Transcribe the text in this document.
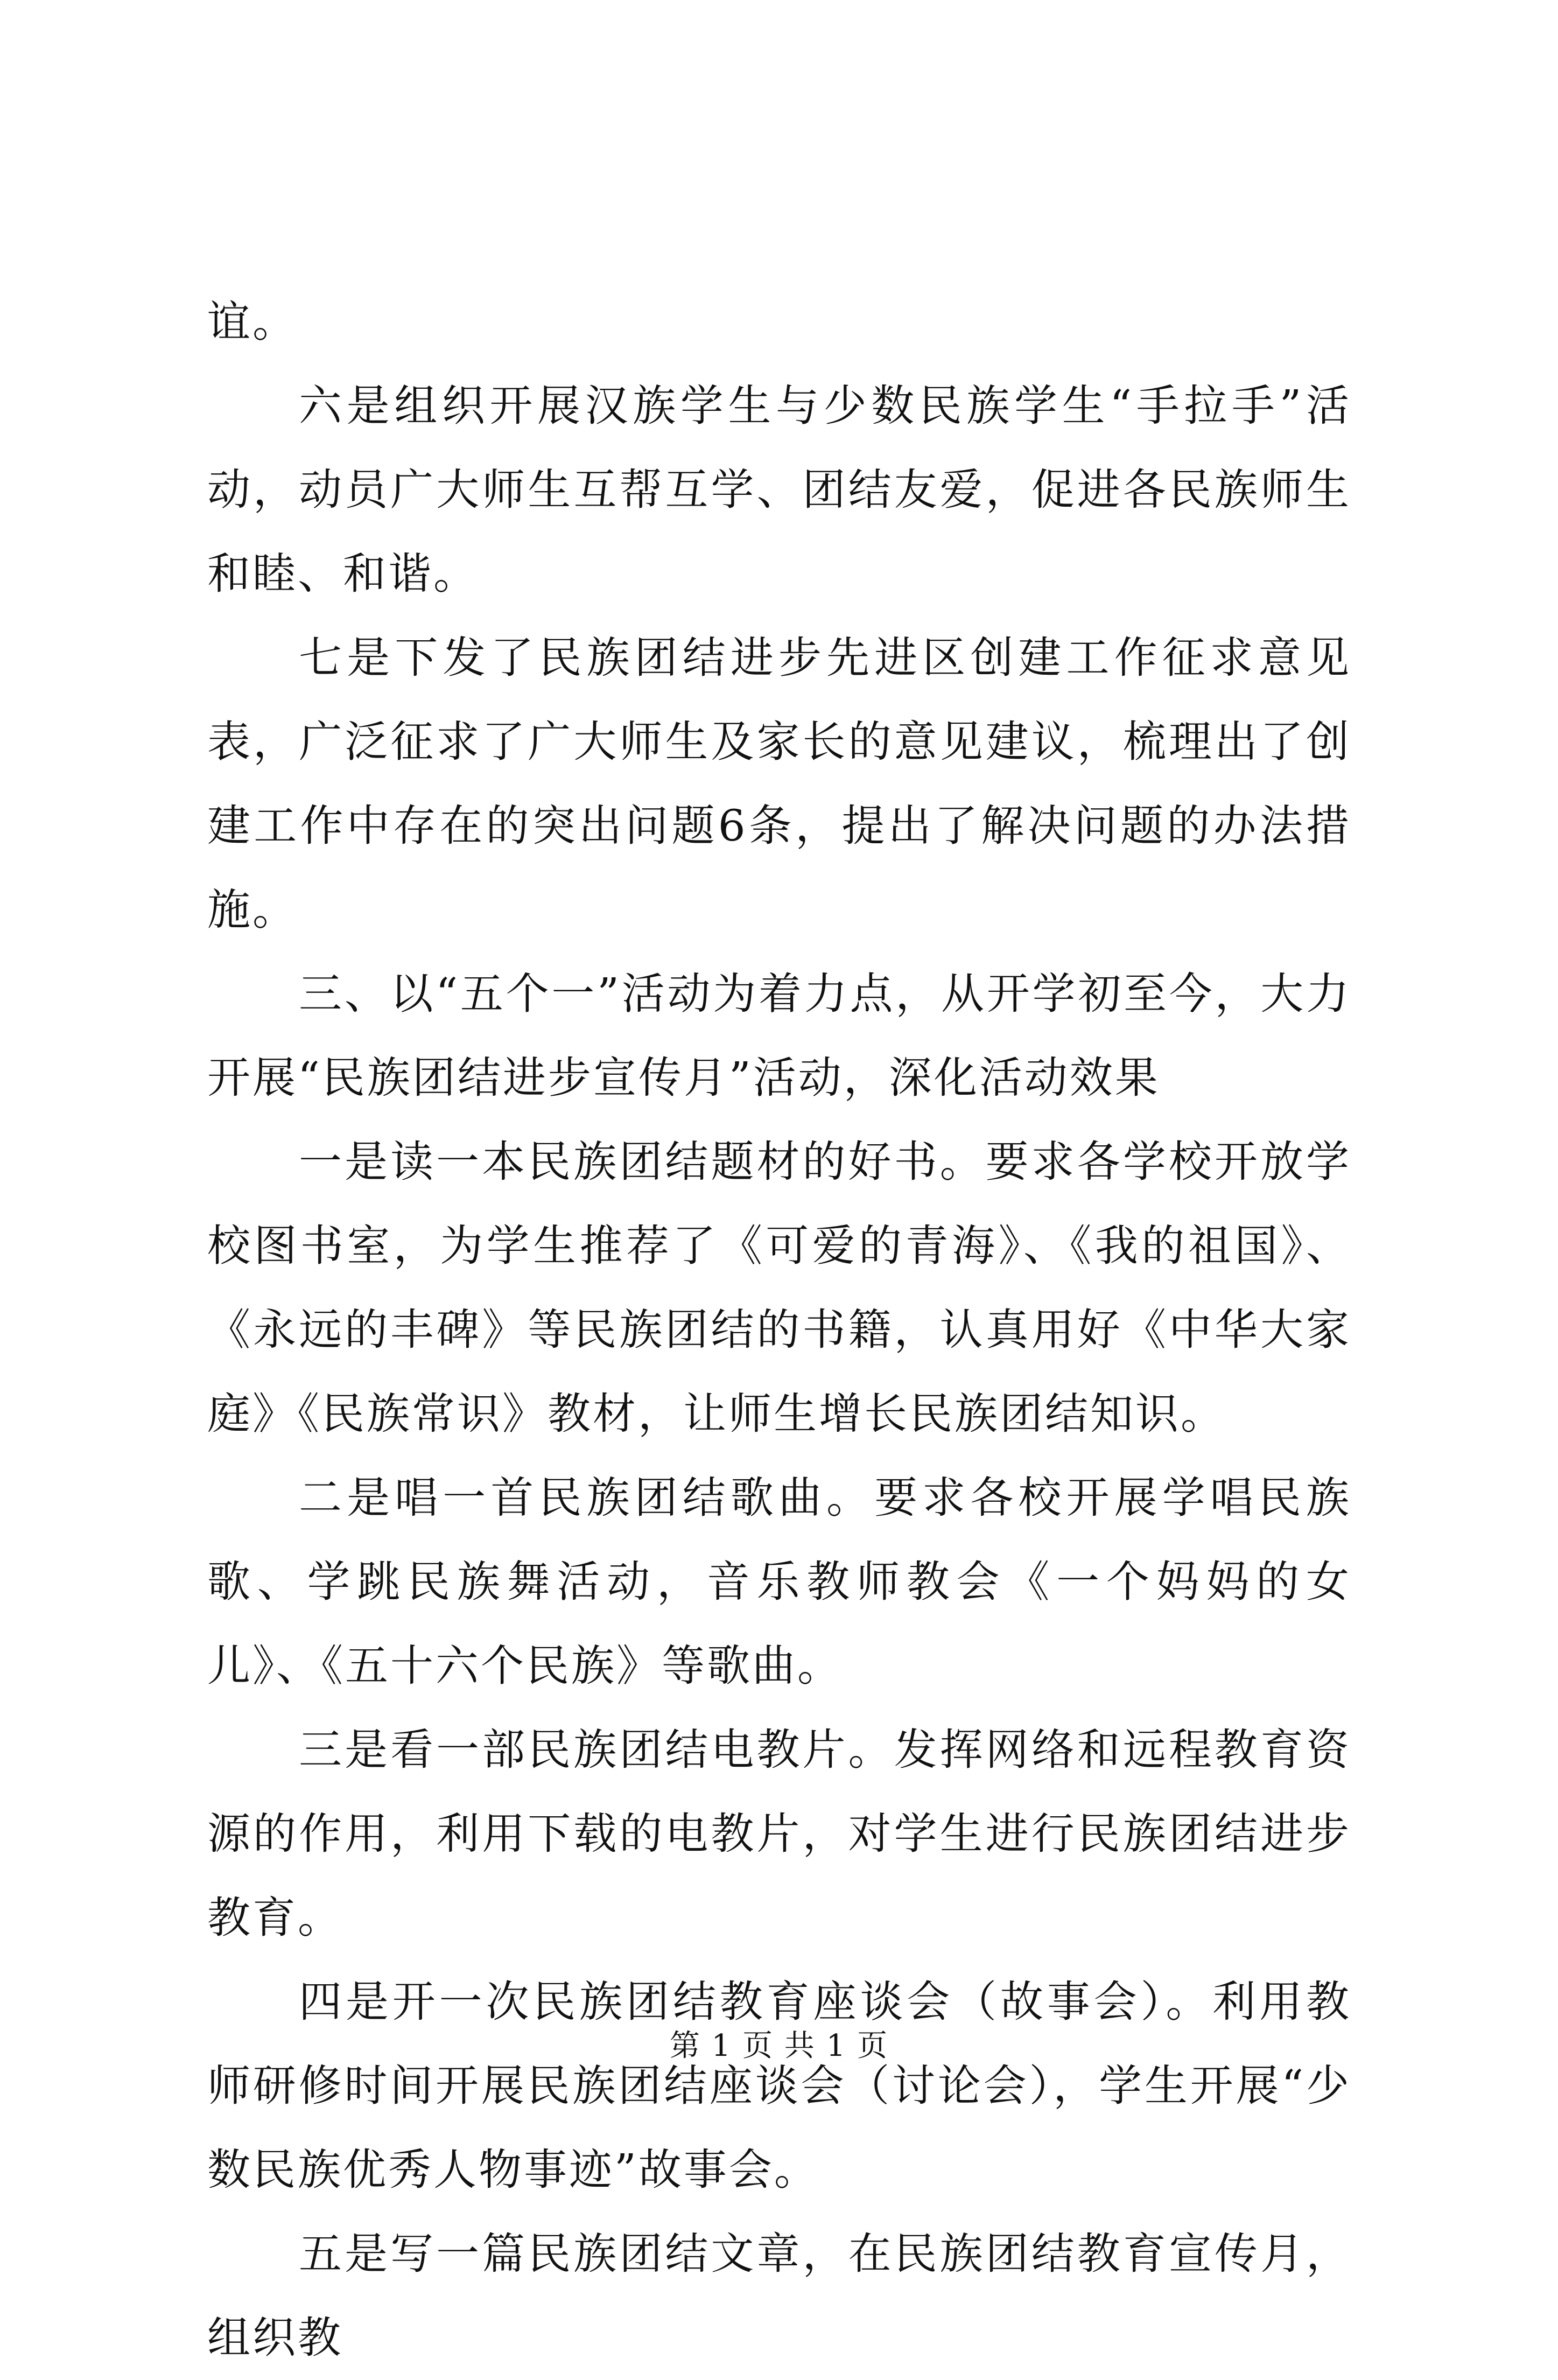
谊。

六是组织开展汉族学生与少数民族学生“手拉手”活动，动员广大师生互帮互学、团结友爱，促进各民族师生和睦、和谐。

七是下发了民族团结进步先进区创建工作征求意见表，广泛征求了广大师生及家长的意见建议，梳理出了创建工作中存在的突出问题6条，提出了解决问题的办法措施。

三、以“五个一”活动为着力点，从开学初至今，大力开展“民族团结进步宣传月”活动，深化活动效果

一是读一本民族团结题材的好书。要求各学校开放学校图书室，为学生推荐了《可爱的青海》、《我的祖国》、《永远的丰碑》等民族团结的书籍，认真用好《中华大家庭》《民族常识》教材，让师生增长民族团结知识。

二是唱一首民族团结歌曲。要求各校开展学唱民族歌、学跳民族舞活动，音乐教师教会《一个妈妈的女儿》、《五十六个民族》等歌曲。

三是看一部民族团结电教片。发挥网络和远程教育资源的作用，利用下载的电教片，对学生进行民族团结进步教育。

四是开一次民族团结教育座谈会（故事会）。利用教师研修时间开展民族团结座谈会（讨论会），学生开展“少数民族优秀人物事迹”故事会。

五是写一篇民族团结文章，在民族团结教育宣传月，组织教

第 1 页 共 1 页
